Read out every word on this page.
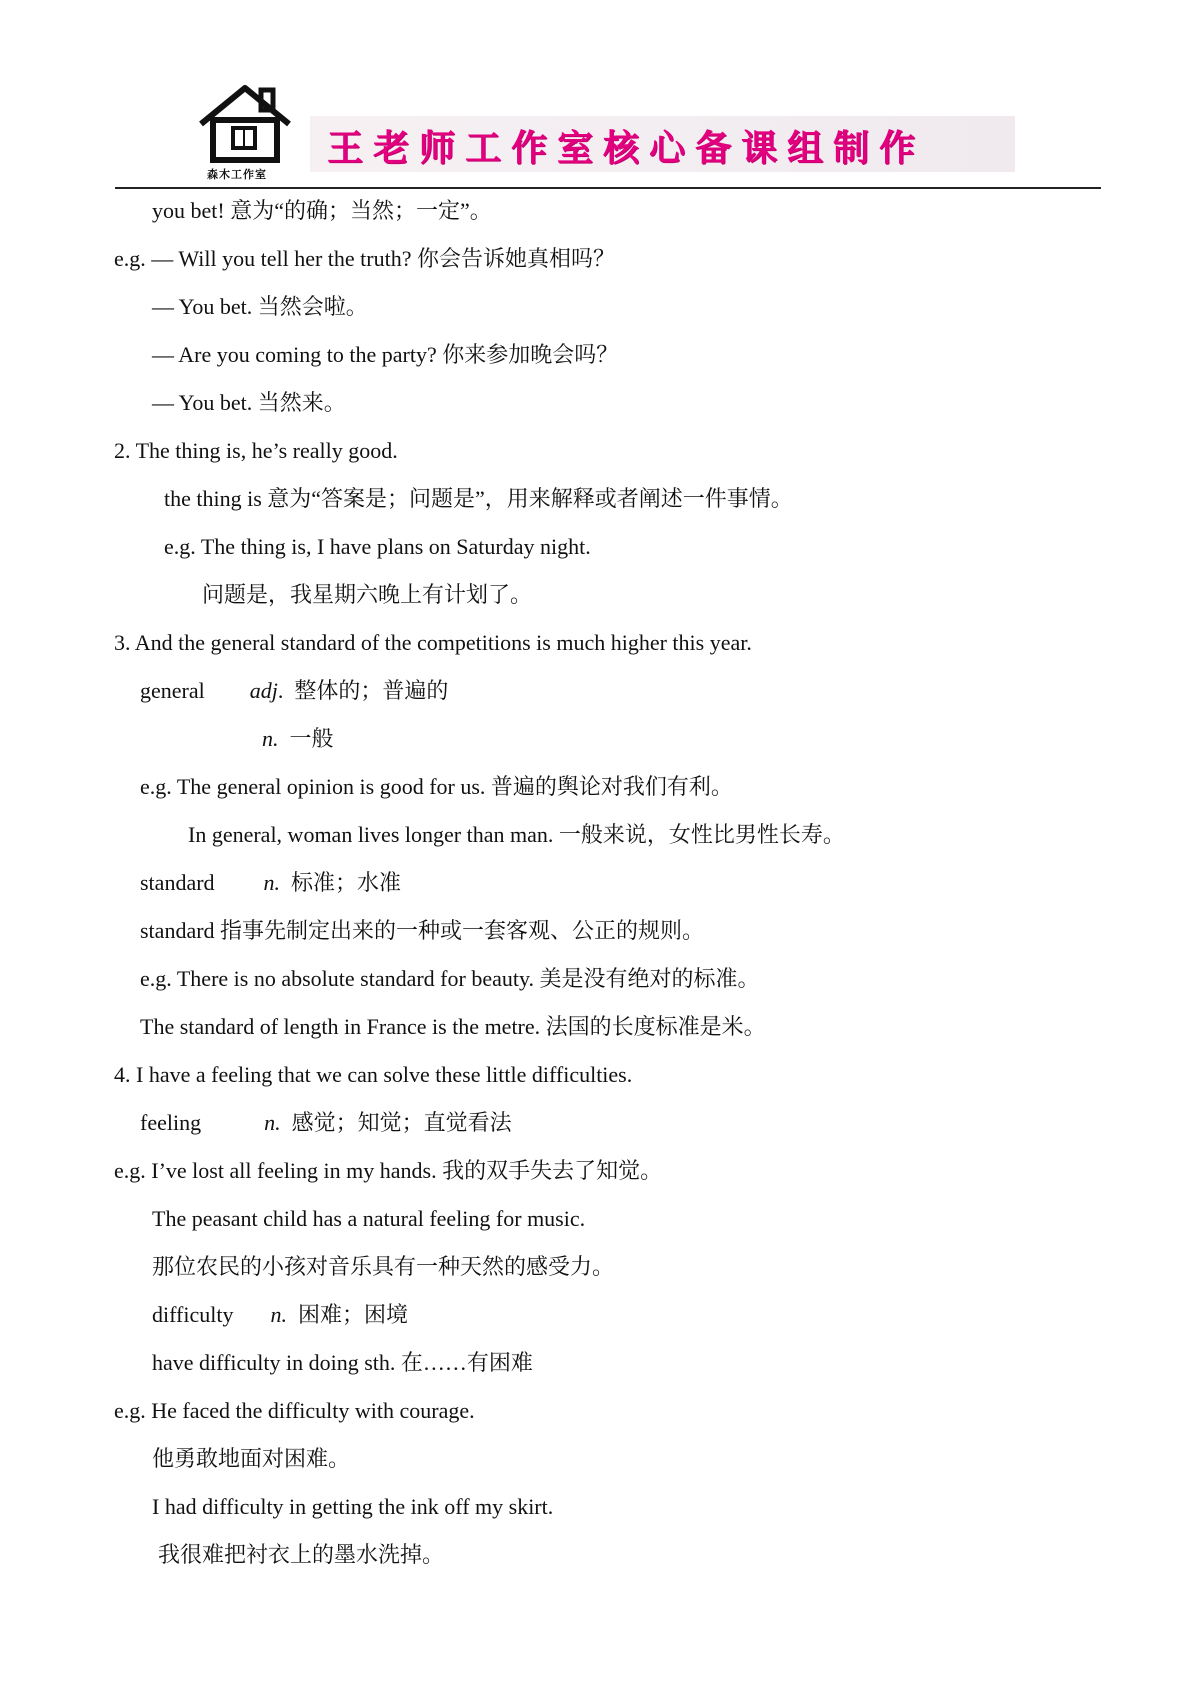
森木工作室
王老师工作室核心备课组制作
you bet! 意为“的确；当然；一定”。
e.g. — Will you tell her the truth? 你会告诉她真相吗？
— You bet. 当然会啦。
— Are you coming to the party? 你来参加晚会吗？
— You bet. 当然来。
2. The thing is, he’s really good.
the thing is 意为“答案是；问题是”，用来解释或者阐述一件事情。
e.g. The thing is, I have plans on Saturday night.
问题是，我星期六晚上有计划了。
3. And the general standard of the competitions is much higher this year.
general adj.  整体的；普遍的
n.  一般
e.g. The general opinion is good for us. 普遍的舆论对我们有利。
In general, woman lives longer than man. 一般来说，女性比男性长寿。
standard n.  标准；水准
standard 指事先制定出来的一种或一套客观、公正的规则。
e.g. There is no absolute standard for beauty. 美是没有绝对的标准。
The standard of length in France is the metre. 法国的长度标准是米。
4. I have a feeling that we can solve these little difficulties.
feeling	n.  感觉；知觉；直觉看法
e.g. I’ve lost all feeling in my hands. 我的双手失去了知觉。
The peasant child has a natural feeling for music.
那位农民的小孩对音乐具有一种天然的感受力。
difficulty n.  困难；困境
have difficulty in doing sth. 在……有困难
e.g. He faced the difficulty with courage.
他勇敢地面对困难。
I had difficulty in getting the ink off my skirt.
我很难把衬衣上的墨水洗掉。
